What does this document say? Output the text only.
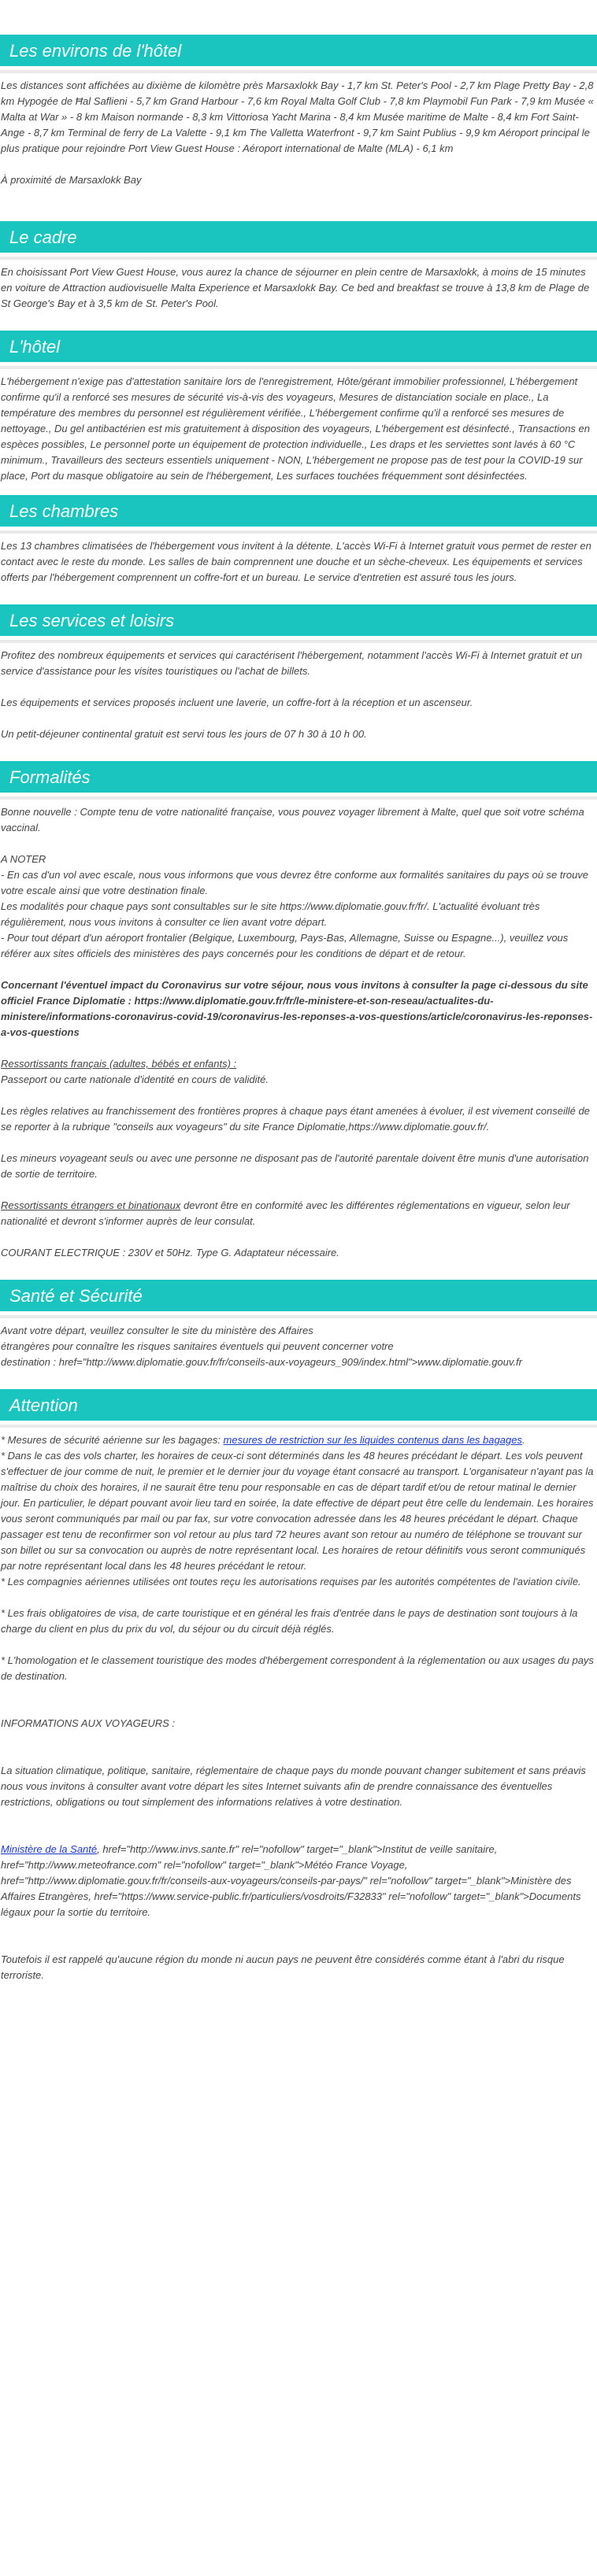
Les environs de l'hôtel

Les distances sont affichées au dixième de kilomètre près Marsaxlokk Bay - 1,7 km St. Peter's Pool - 2,7 km Plage Pretty Bay - 2,8 km Hypogée de Ħal Saflieni - 5,7 km Grand Harbour - 7,6 km Royal Malta Golf Club - 7,8 km Playmobil Fun Park - 7,9 km Musée « Malta at War » - 8 km Maison normande - 8,3 km Vittoriosa Yacht Marina - 8,4 km Musée maritime de Malte - 8,4 km Fort Saint-Ange - 8,7 km Terminal de ferry de La Valette - 9,1 km The Valletta Waterfront - 9,7 km Saint Publius - 9,9 km Aéroport principal le plus pratique pour rejoindre Port View Guest House : Aéroport international de Malte (MLA) - 6,1 km

À proximité de Marsaxlokk Bay

Le cadre

En choisissant Port View Guest House, vous aurez la chance de séjourner en plein centre de Marsaxlokk, à moins de 15 minutes en voiture de Attraction audiovisuelle Malta Experience et Marsaxlokk Bay. Ce bed and breakfast se trouve à 13,8 km de Plage de St George's Bay et à 3,5 km de St. Peter's Pool.

L'hôtel

L'hébergement n'exige pas d'attestation sanitaire lors de l'enregistrement, Hôte/gérant immobilier professionnel, L'hébergement confirme qu'il a renforcé ses mesures de sécurité vis-à-vis des voyageurs, Mesures de distanciation sociale en place., La température des membres du personnel est régulièrement vérifiée., L'hébergement confirme qu'il a renforcé ses mesures de nettoyage., Du gel antibactérien est mis gratuitement à disposition des voyageurs, L'hébergement est désinfecté., Transactions en espèces possibles, Le personnel porte un équipement de protection individuelle., Les draps et les serviettes sont lavés à 60 °C minimum., Travailleurs des secteurs essentiels uniquement - NON, L'hébergement ne propose pas de test pour la COVID-19 sur place, Port du masque obligatoire au sein de l'hébergement, Les surfaces touchées fréquemment sont désinfectées.

Les chambres

Les 13 chambres climatisées de l'hébergement vous invitent à la détente. L'accès Wi-Fi à Internet gratuit vous permet de rester en contact avec le reste du monde. Les salles de bain comprennent une douche et un sèche-cheveux. Les équipements et services offerts par l'hébergement comprennent un coffre-fort et un bureau. Le service d'entretien est assuré tous les jours.

Les services et loisirs

Profitez des nombreux équipements et services qui caractérisent l'hébergement, notamment l'accès Wi-Fi à Internet gratuit et un service d'assistance pour les visites touristiques ou l'achat de billets.

Les équipements et services proposés incluent une laverie, un coffre-fort à la réception et un ascenseur.

Un petit-déjeuner continental gratuit est servi tous les jours de 07 h 30 à 10 h 00.

Formalités

Bonne nouvelle : Compte tenu de votre nationalité française, vous pouvez voyager librement à Malte, quel que soit votre schéma vaccinal.

A NOTER

- En cas d'un vol avec escale, nous vous informons que vous devrez être conforme aux formalités sanitaires du pays où se trouve votre escale ainsi que votre destination finale.

Les modalités pour chaque pays sont consultables sur le site https://www.diplomatie.gouv.fr/fr/. L'actualité évoluant très régulièrement, nous vous invitons à consulter ce lien avant votre départ.

- Pour tout départ d'un aéroport frontalier (Belgique, Luxembourg, Pays-Bas, Allemagne, Suisse ou Espagne...), veuillez vous référer aux sites officiels des ministères des pays concernés pour les conditions de départ et de retour.

Concernant l'éventuel impact du Coronavirus sur votre séjour, nous vous invitons à consulter la page ci-dessous du site officiel France Diplomatie : https://www.diplomatie.gouv.fr/fr/le-ministere-et-son-reseau/actualites-du-ministere/informations-coronavirus-covid-19/coronavirus-les-reponses-a-vos-questions/article/coronavirus-les-reponses-a-vos-questions

Ressortissants français (adultes, bébés et enfants) :

Passeport ou carte nationale d'identité en cours de validité.

Les règles relatives au franchissement des frontières propres à chaque pays étant amenées à évoluer, il est vivement conseillé de se reporter à la rubrique "conseils aux voyageurs" du site France Diplomatie,https://www.diplomatie.gouv.fr/.

Les mineurs voyageant seuls ou avec une personne ne disposant pas de l'autorité parentale doivent être munis d'une autorisation de sortie de territoire.

Ressortissants étrangers et binationaux devront être en conformité avec les différentes réglementations en vigueur, selon leur nationalité et devront s'informer auprès de leur consulat.

COURANT ELECTRIQUE : 230V et 50Hz. Type G. Adaptateur nécessaire.

Santé et Sécurité

Avant votre départ, veuillez consulter le site du ministère des Affaires

étrangères pour connaître les risques sanitaires éventuels qui peuvent concerner votre

destination : href="http://www.diplomatie.gouv.fr/fr/conseils-aux-voyageurs_909/index.html">www.diplomatie.gouv.fr

Attention

* Mesures de sécurité aérienne sur les bagages: mesures de restriction sur les liquides contenus dans les bagages.

* Dans le cas des vols charter, les horaires de ceux-ci sont déterminés dans les 48 heures précédant le départ. Les vols peuvent s'effectuer de jour comme de nuit, le premier et le dernier jour du voyage étant consacré au transport. L'organisateur n'ayant pas la maîtrise du choix des horaires, il ne saurait être tenu pour responsable en cas de départ tardif et/ou de retour matinal le dernier jour. En particulier, le départ pouvant avoir lieu tard en soirée, la date effective de départ peut être celle du lendemain. Les horaires vous seront communiqués par mail ou par fax, sur votre convocation adressée dans les 48 heures précédant le départ. Chaque passager est tenu de reconfirmer son vol retour au plus tard 72 heures avant son retour au numéro de téléphone se trouvant sur son billet ou sur sa convocation ou auprès de notre représentant local. Les horaires de retour définitifs vous seront communiqués par notre représentant local dans les 48 heures précédant le retour.

* Les compagnies aériennes utilisées ont toutes reçu les autorisations requises par les autorités compétentes de l'aviation civile.

* Les frais obligatoires de visa, de carte touristique et en général les frais d'entrée dans le pays de destination sont toujours à la charge du client en plus du prix du vol, du séjour ou du circuit déjà réglés.

* L'homologation et le classement touristique des modes d'hébergement correspondent à la réglementation ou aux usages du pays de destination.

INFORMATIONS AUX VOYAGEURS :

La situation climatique, politique, sanitaire, réglementaire de chaque pays du monde pouvant changer subitement et sans préavis

nous vous invitons à consulter avant votre départ les sites Internet suivants afin de prendre connaissance des éventuelles restrictions, obligations ou tout simplement des informations relatives à votre destination.

Ministère de la Santé, href="http://www.invs.sante.fr" rel="nofollow" target="_blank">Institut de veille sanitaire, href="http://www.meteofrance.com" rel="nofollow" target="_blank">Météo France Voyage, href="http://www.diplomatie.gouv.fr/fr/conseils-aux-voyageurs/conseils-par-pays/" rel="nofollow" target="_blank">Ministère des Affaires Etrangères, href="https://www.service-public.fr/particuliers/vosdroits/F32833" rel="nofollow" target="_blank">Documents légaux pour la sortie du territoire.

Toutefois il est rappelé qu'aucune région du monde ni aucun pays ne peuvent être considérés comme étant à l'abri du risque terroriste.
